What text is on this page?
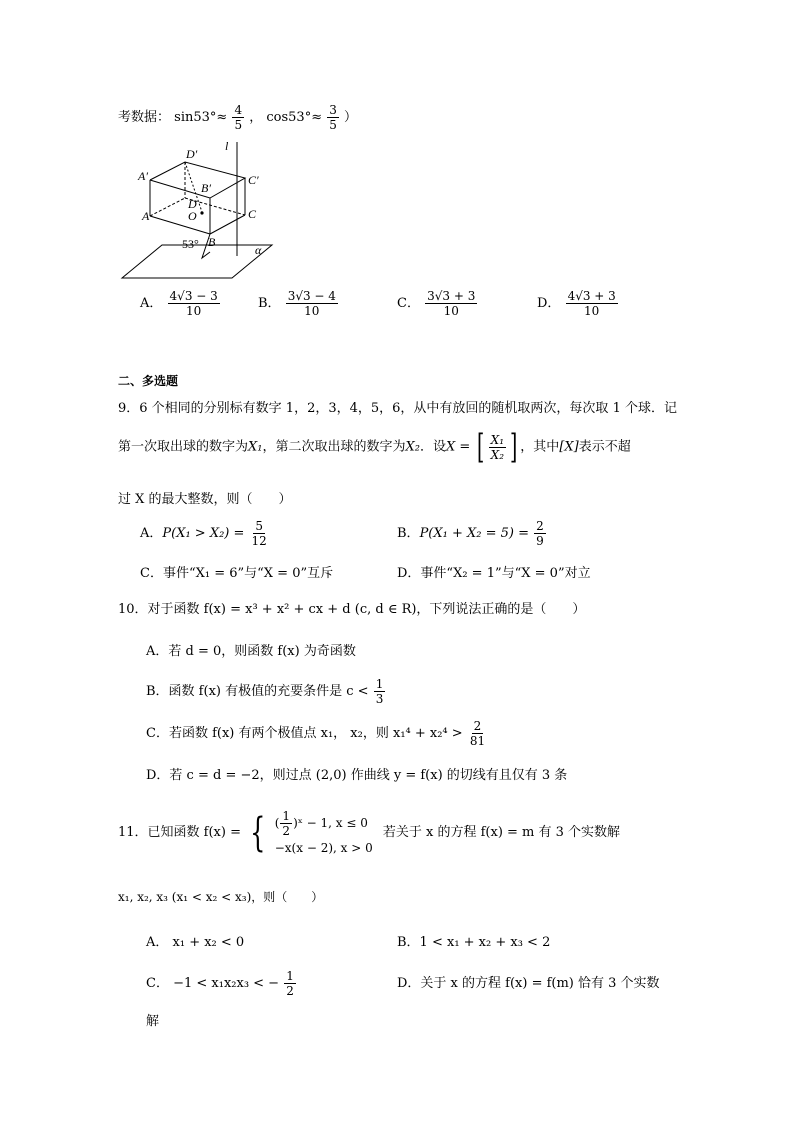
考数据： $\sin 53^\circ\approx \frac{4}{5}$ ， $\cos 53^\circ\approx \frac{3}{5}$ ）
D′
l
A′
B′
C′
D
A	O	C
B
53°	α
A． $\frac{4√3 - 3}{10}$	B． $\frac{3√3 - 4}{10}$	C． $\frac{3√3 + 3}{10}$	D． $\frac{4√3 + 3}{10}$
二、多选题
9．6 个相同的分别标有数字 1，2，3，4，5，6，从中有放回的随机取两次，每次取 1 个球．记
第一次取出球的数字为X₁，第二次取出球的数字为X₂．设X = [ $\frac{\text{X₁}}{\text{X₂}}$ ] ，其中[X]表示不超
过 X 的最大整数，则（　　）
A．$P(X_1 > X_2) = \frac{5}{12}$	B．$P(X_1 + X_2 = 5) = \frac{2}{9}$
C．事件“X₁ = 6”与“X = 0”互斥	D．事件“X₂ = 1”与“X = 0”对立
10．对于函数 f(x) = x³ + x² + cx + d (c, d ∈ R)，下列说法正确的是（　　）
A．若 d = 0，则函数 f(x) 为奇函数
B．函数 f(x) 有极值的充要条件是 $c < \frac{1}{3}$
C．若函数 f(x) 有两个极值点 x₁， x₂，则 $x_1^4 + x_2^4 > \frac{2}{81}$
D．若 c = d = −2，则过点 (2,0) 作曲线 y = f(x) 的切线有且仅有 3 条
11．已知函数 f(x) = { ( $\frac{1}{2}$ )ˣ − 1, x ≤ 0
−x(x − 2), x > 0
若关于 x 的方程 f(x) = m 有 3 个实数解
x₁, x₂, x₃ (x₁ < x₂ < x₃)，则（　　）
A． x₁ + x₂ < 0	B．1 < x₁ + x₂ + x₃ < 2
C． −1 < x₁x₂x₃ < − $\frac{1}{2}$	D．关于 x 的方程 f(x) = f(m) 恰有 3 个实数
解
